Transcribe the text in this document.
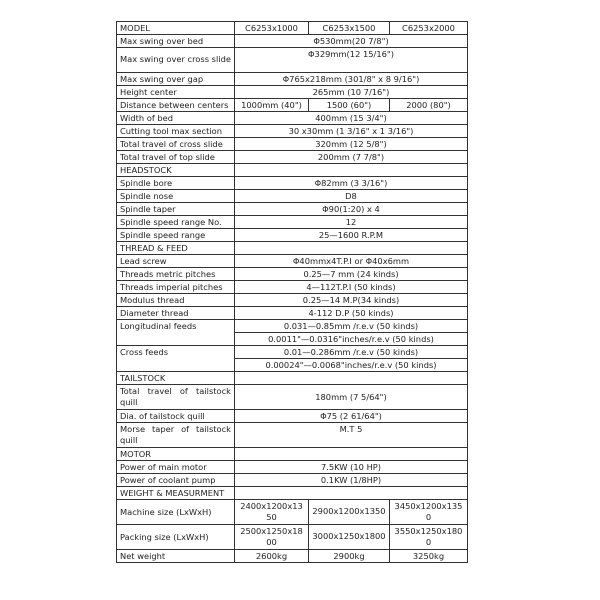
MODEL	C6253x1000	C6253x1500	C6253x2000
Max swing over bed	Φ530mm(20 7/8")		
Max swing over cross slide	Φ329mm(12 15/16")		
Max swing over gap	Φ765x218mm (301/8" x 8 9/16")		
Height center	265mm (10 7/16")		
Distance between centers	1000mm (40")	1500 (60")	2000 (80")
Width of bed	400mm (15 3/4")		
Cutting tool max section	30 x30mm (1 3/16" x 1 3/16")		
Total travel of cross slide	320mm (12 5/8")		
Total travel of top slide	200mm (7 7/8")		
HEADSTOCK			
Spindle bore	Φ82mm (3 3/16")		
Spindle nose	D8		
Spindle taper	Φ90(1:20) x 4		
Spindle speed range No.	12		
Spindle speed range	25—1600 R.P.M		
THREAD & FEED			
Lead screw	Φ40mmx4T.P.I or Φ40x6mm		
Threads metric pitches	0.25—7 mm (24 kinds)		
Threads imperial pitches	4—112T.P.I (50 kinds)		
Modulus thread	0.25—14 M.P(34 kinds)		
Diameter thread	4-112 D.P (50 kinds)		
Longitudinal feeds	0.031—0.85mm /r.e.v (50 kinds)		
	0.0011"—0.0316"inches/r.e.v (50 kinds)		
Cross feeds	0.01—0.286mm /r.e.v (50 kinds)		
	0.00024"—0.0068"inches/r.e.v (50 kinds)		
TAILSTOCK			
Total travel of tailstock quill	180mm (7 5/64")		
Dia. of tailstock quill	Φ75 (2 61/64")		
Morse taper of tailstock quill	M.T 5		
MOTOR			
Power of main motor	7.5KW (10 HP)		
Power of coolant pump	0.1KW (1/8HP)		
WEIGHT & MEASURMENT			
Machine size (LxWxH)	2400x1200x1350	2900x1200x1350	3450x1200x1350
Packing size (LxWxH)	2500x1250x1800	3000x1250x1800	3550x1250x1800
Net weight	2600kg	2900kg	3250kg
